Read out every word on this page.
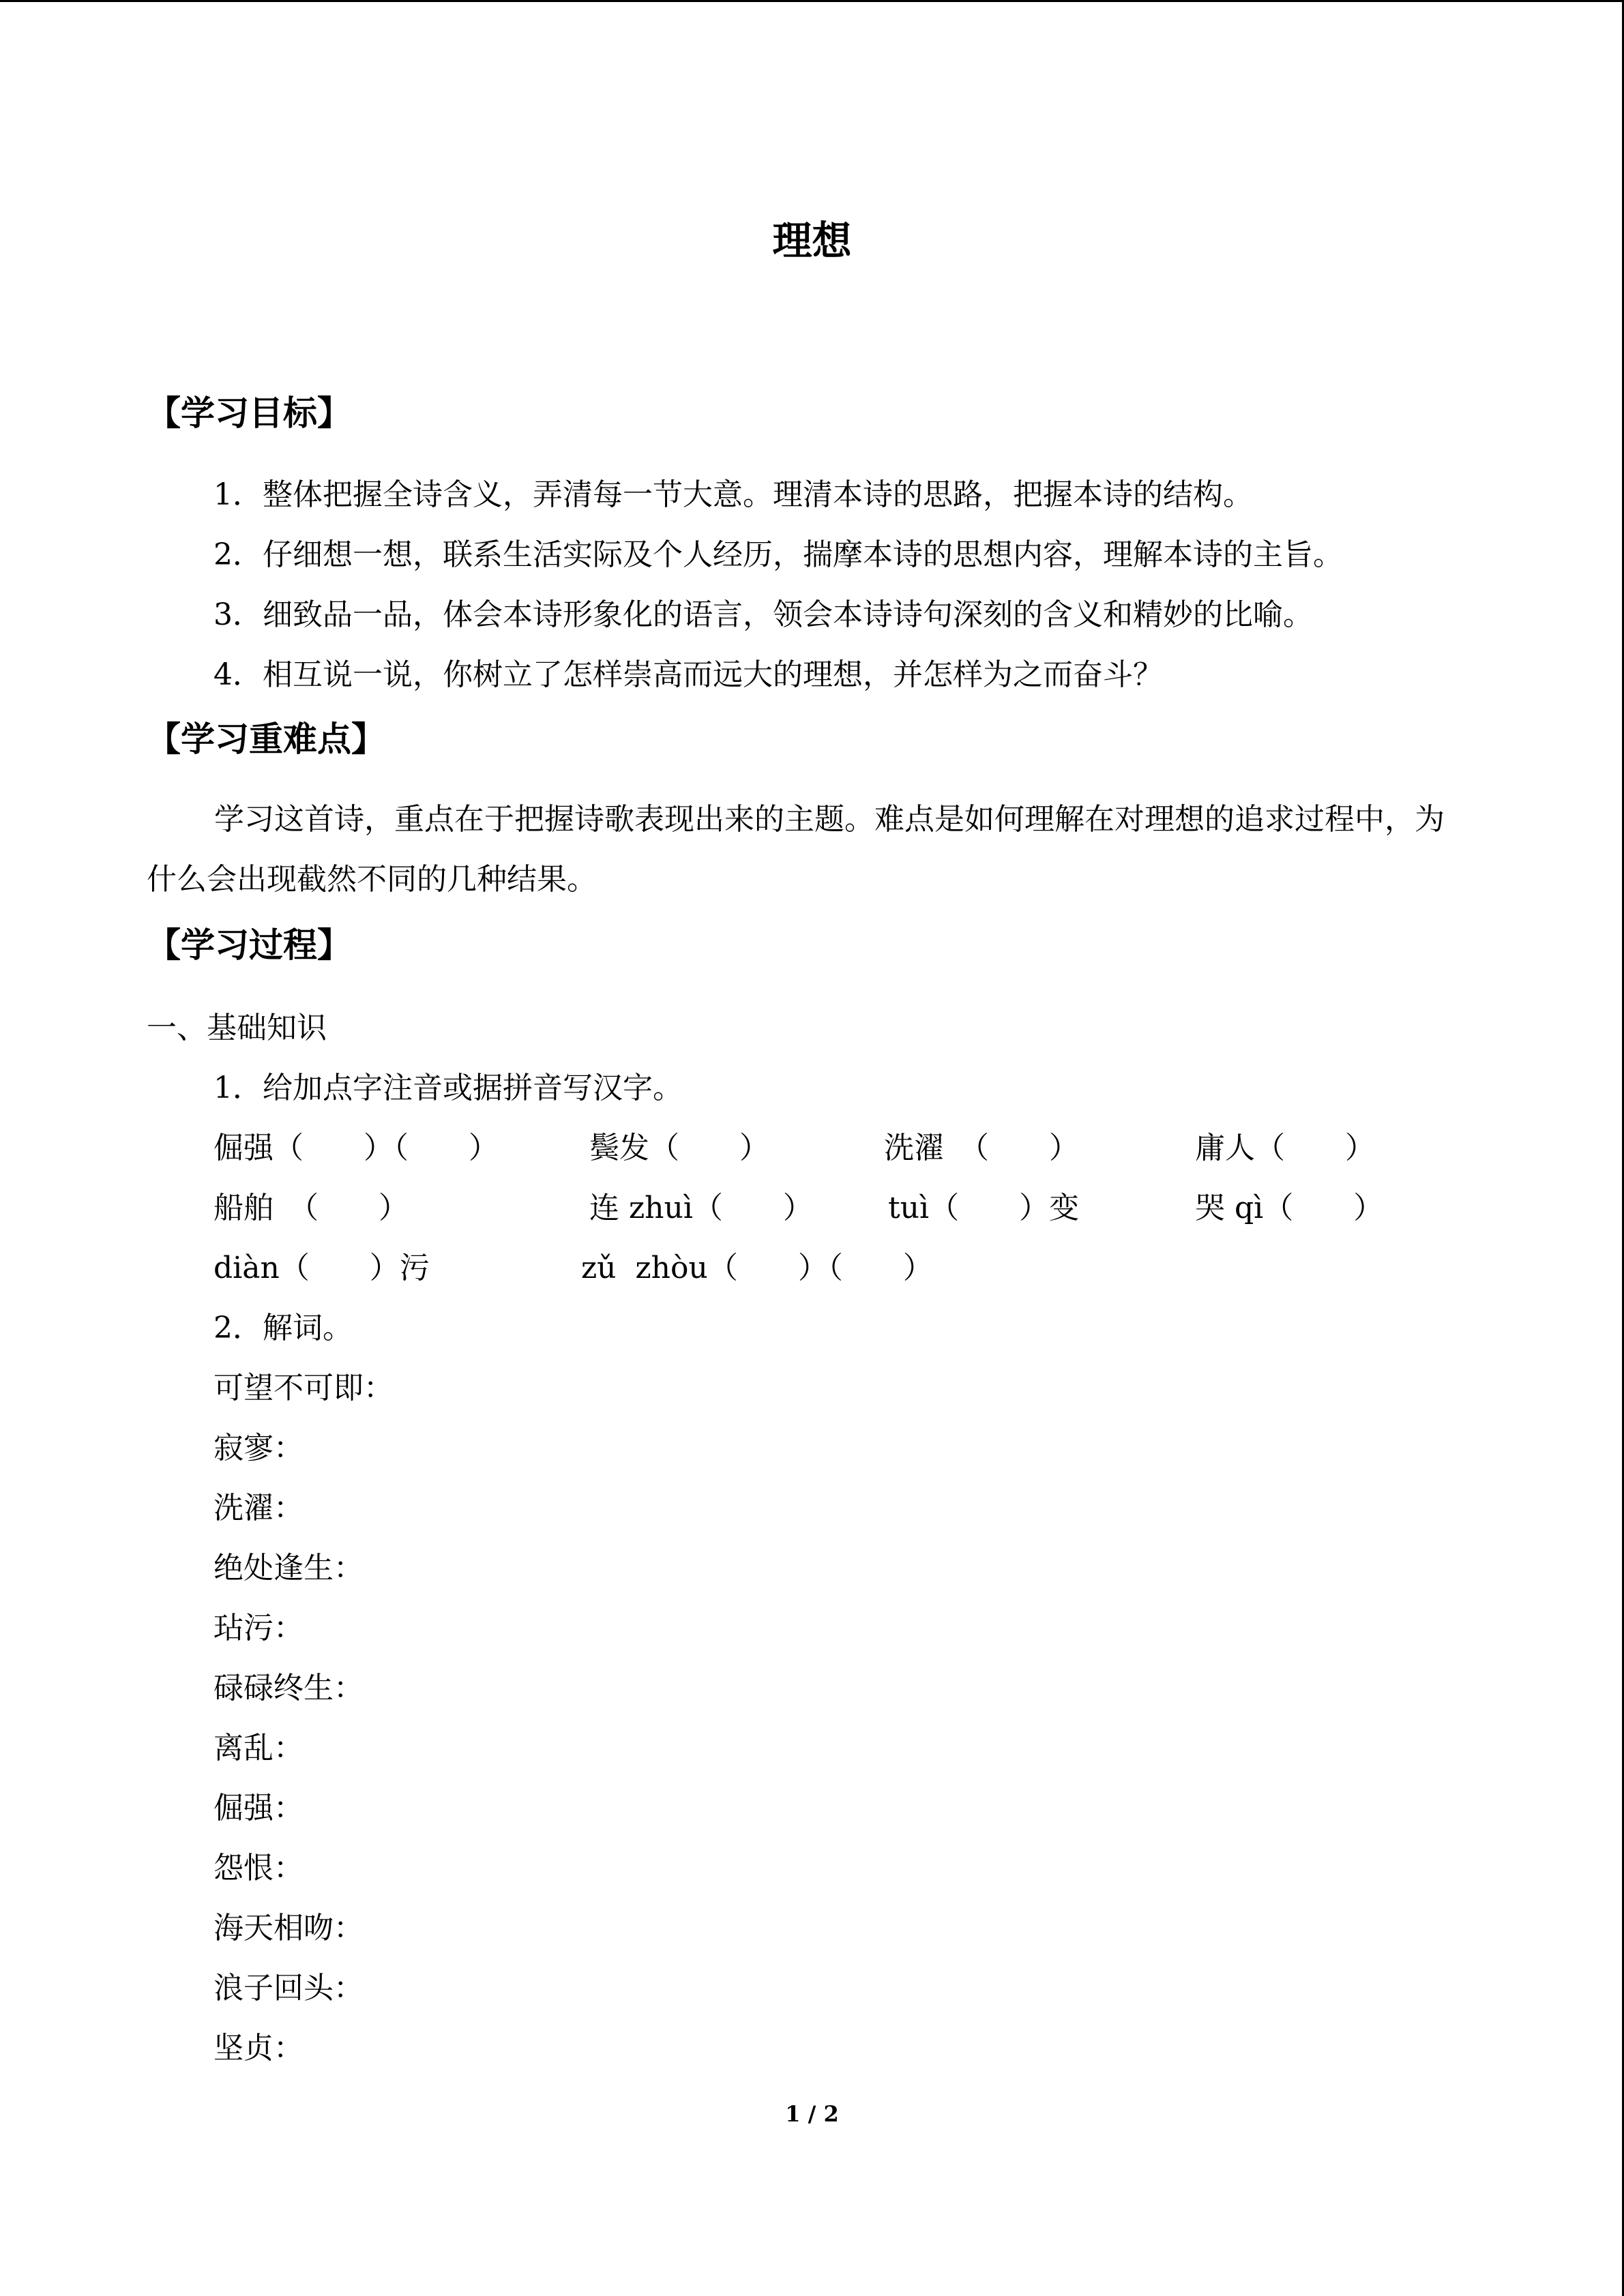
理想
【学习目标】
1．整体把握全诗含义，弄清每一节大意。理清本诗的思路，把握本诗的结构。
2．仔细想一想，联系生活实际及个人经历，揣摩本诗的思想内容，理解本诗的主旨。
3．细致品一品，体会本诗形象化的语言，领会本诗诗句深刻的含义和精妙的比喻。
4．相互说一说，你树立了怎样崇高而远大的理想，并怎样为之而奋斗？
【学习重难点】
学习这首诗，重点在于把握诗歌表现出来的主题。难点是如何理解在对理想的追求过程中，为什么会出现截然不同的几种结果。
【学习过程】
一、基础知识
1．给加点字注音或据拼音写汉字。
倔强（　　）（　　）	鬓发（　　）	洗濯　（　　）	庸人（　　）
船舶　（　　）	连 zhuì（　　）	tuì（　　）变	哭 qì（　　）
diàn（　　）污	zǔ  zhòu（　　）（　　）
2．解词。
可望不可即：
寂寥：
洗濯：
绝处逢生：
玷污：
碌碌终生：
离乱：
倔强：
怨恨：
海天相吻：
浪子回头：
坚贞：
1 / 2
